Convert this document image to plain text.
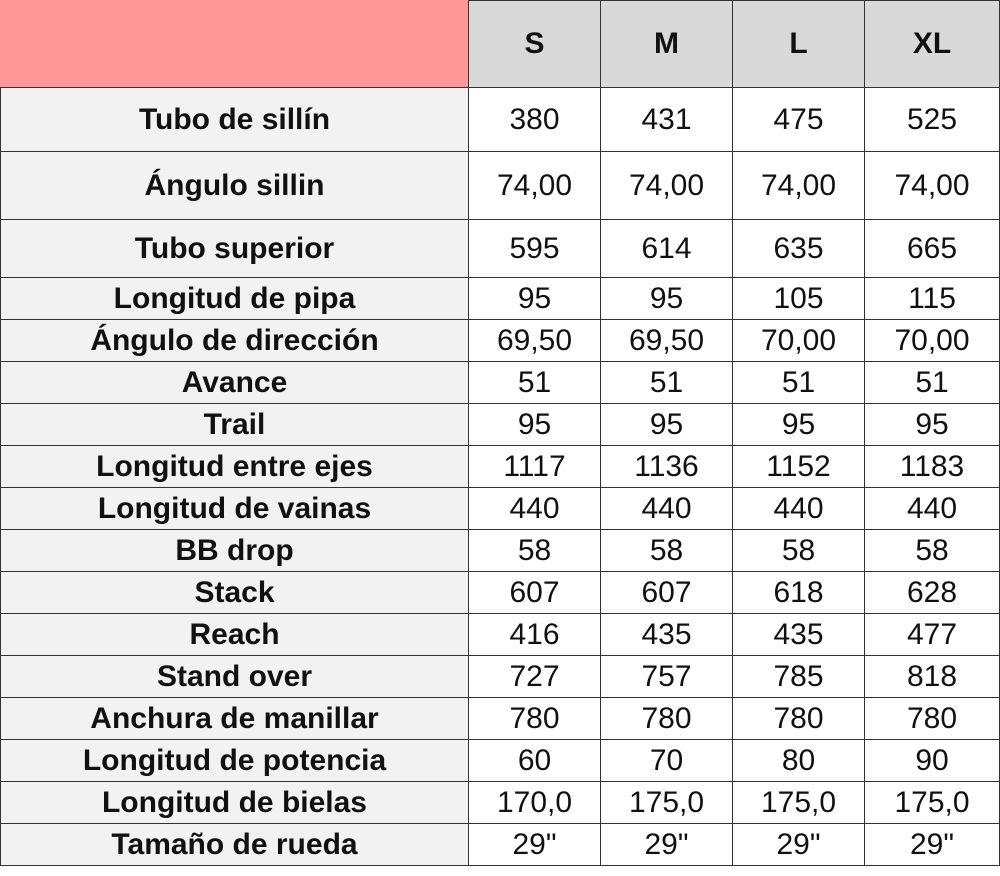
	S	M	L	XL
Tubo de sillín	380	431	475	525
Ángulo sillin	74,00	74,00	74,00	74,00
Tubo superior	595	614	635	665
Longitud de pipa	95	95	105	115
Ángulo de dirección	69,50	69,50	70,00	70,00
Avance	51	51	51	51
Trail	95	95	95	95
Longitud entre ejes	1117	1136	1152	1183
Longitud de vainas	440	440	440	440
BB drop	58	58	58	58
Stack	607	607	618	628
Reach	416	435	435	477
Stand over	727	757	785	818
Anchura de manillar	780	780	780	780
Longitud de potencia	60	70	80	90
Longitud de bielas	170,0	175,0	175,0	175,0
Tamaño de rueda	29"	29"	29"	29"
